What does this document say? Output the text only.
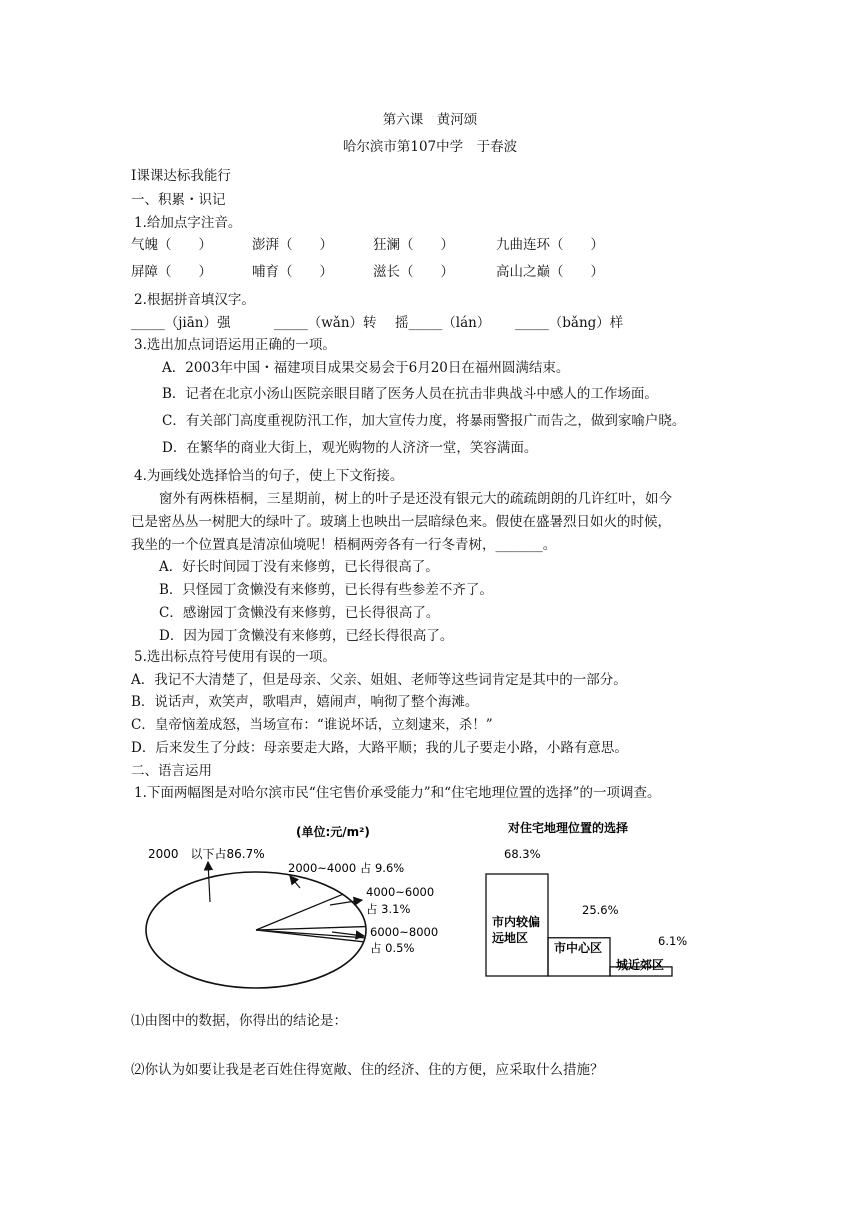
第六课　黄河颂
哈尔滨市第107中学　于春波
Ⅰ课课达标我能行
一、积累・识记
1.给加点字注音。
气魄（　　）	澎湃（　　）	狂澜（　　）	九曲连环（　　）
屏障（　　）	哺育（　　）	滋长（　　）	高山之巅（　　）
2.根据拼音填汉字。
_____（jiān）强	_____（wǎn）转 摇_____（lán） _____（bǎng）样
3.选出加点词语运用正确的一项。
A．2003年中国・福建项目成果交易会于6月20日在福州圆满结束。
B．记者在北京小汤山医院亲眼目睹了医务人员在抗击非典战斗中感人的工作场面。
C．有关部门高度重视防汛工作，加大宣传力度，将暴雨警报广而告之，做到家喻户晓。
D．在繁华的商业大街上，观光购物的人济济一堂，笑容满面。
4.为画线处选择恰当的句子，使上下文衔接。
窗外有两株梧桐，三星期前，树上的叶子是还没有银元大的疏疏朗朗的几许红叶，如今
已是密丛丛一树肥大的绿叶了。玻璃上也映出一层暗绿色来。假使在盛暑烈日如火的时候，
我坐的一个位置真是清凉仙境呢！梧桐两旁各有一行冬青树，_______。
A．好长时间园丁没有来修剪，已长得很高了。
B．只怪园丁贪懒没有来修剪，已长得有些参差不齐了。
C．感谢园丁贪懒没有来修剪，已长得很高了。
D．因为园丁贪懒没有来修剪，已经长得很高了。
5.选出标点符号使用有误的一项。
A．我记不大清楚了，但是母亲、父亲、姐姐、老师等这些词肯定是其中的一部分。
B．说话声，欢笑声，歌唱声，嬉闹声，响彻了整个海滩。
C．皇帝恼羞成怒，当场宣布：“谁说坏话，立刻逮来，杀！”
D．后来发生了分歧：母亲要走大路，大路平顺；我的儿子要走小路，小路有意思。
二、语言运用
1.下面两幅图是对哈尔滨市民“住宅售价承受能力”和“住宅地理位置的选择”的一项调查。
(单位:元/m²)
2000　以下占86.7%
2000~4000 占 9.6%
4000~6000
占 3.1%
6000~8000
占 0.5%
对住宅地理位置的选择
68.3%
市内较偏
远地区
25.6%
市中心区
6.1%
城近郊区
⑴由图中的数据，你得出的结论是：
⑵你认为如要让我是老百姓住得宽敞、住的经济、住的方便，应采取什么措施？
